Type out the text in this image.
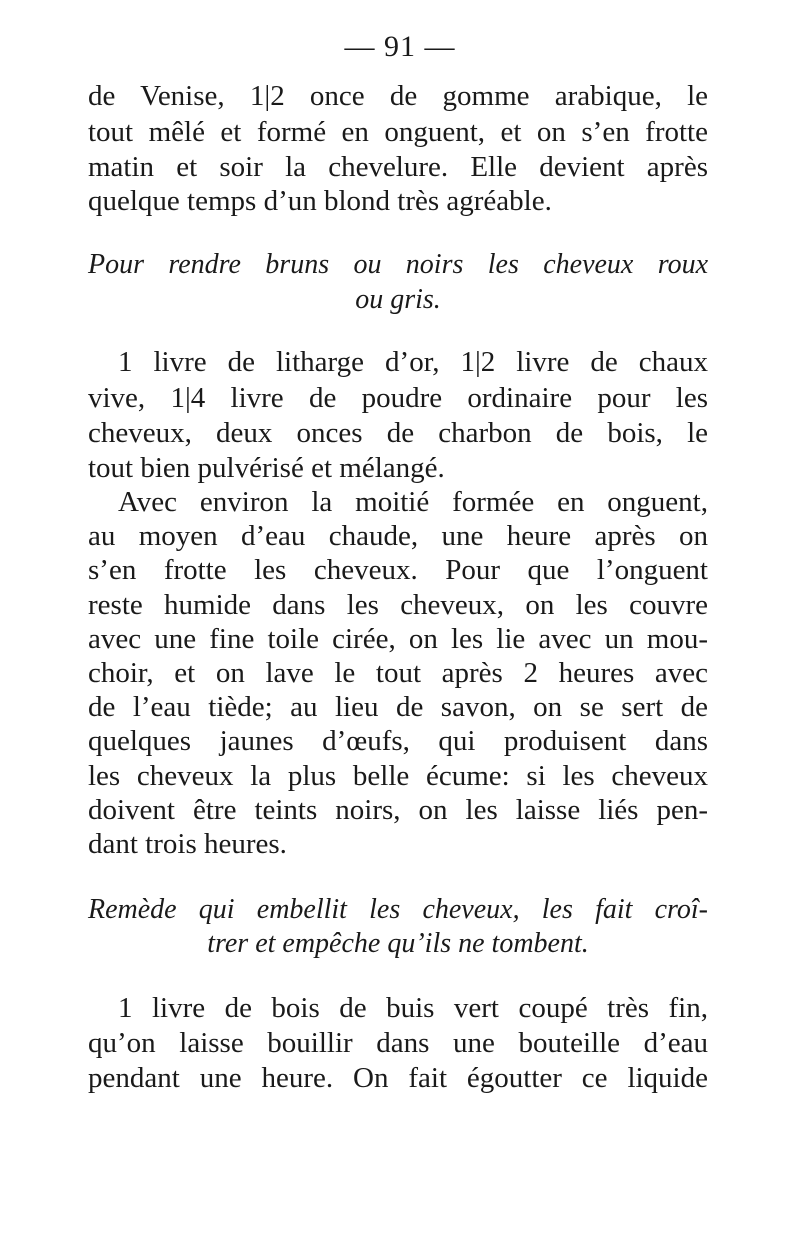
— 91 —
de Venise, 1|2 once de gomme arabique, le
tout mêlé et formé en onguent, et on s’en frotte
matin et soir la chevelure. Elle devient après
quelque temps d’un blond très agréable.
Pour rendre bruns ou noirs les cheveux roux
ou gris.
1 livre de litharge d’or, 1|2 livre de chaux
vive, 1|4 livre de poudre ordinaire pour les
cheveux, deux onces de charbon de bois, le
tout bien pulvérisé et mélangé.
Avec environ la moitié formée en onguent,
au moyen d’eau chaude, une heure après on
s’en frotte les cheveux. Pour que l’onguent
reste humide dans les cheveux, on les couvre
avec une fine toile cirée, on les lie avec un mou-
choir, et on lave le tout après 2 heures avec
de l’eau tiède; au lieu de savon, on se sert de
quelques jaunes d’œufs, qui produisent dans
les cheveux la plus belle écume: si les cheveux
doivent être teints noirs, on les laisse liés pen-
dant trois heures.
Remède qui embellit les cheveux, les fait croî-
trer et empêche qu’ils ne tombent.
1 livre de bois de buis vert coupé très fin,
qu’on laisse bouillir dans une bouteille d’eau
pendant une heure. On fait égoutter ce liquide
